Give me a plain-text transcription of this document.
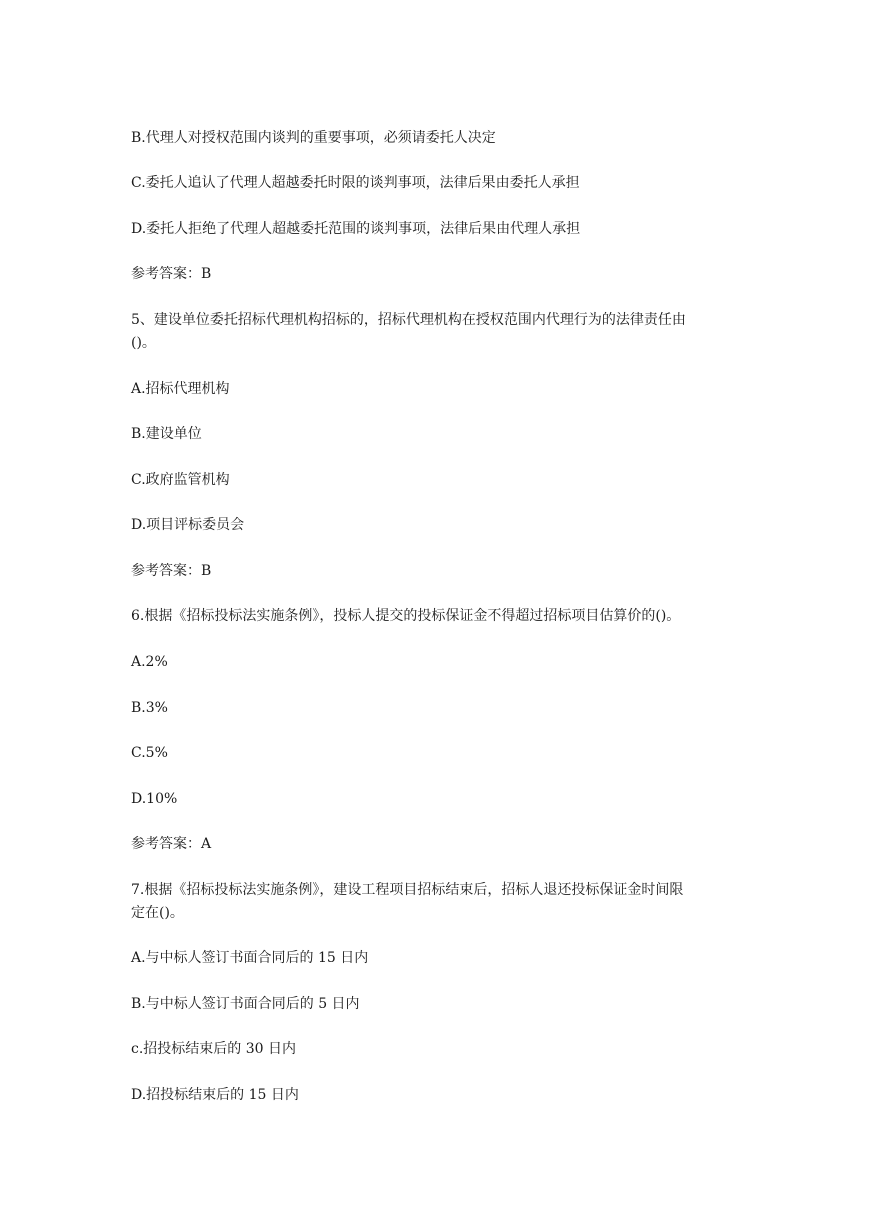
B.代理人对授权范围内谈判的重要事项，必须请委托人决定
C.委托人追认了代理人超越委托时限的谈判事项，法律后果由委托人承担
D.委托人拒绝了代理人超越委托范围的谈判事项，法律后果由代理人承担
参考答案：B
5、建设单位委托招标代理机构招标的，招标代理机构在授权范围内代理行为的法律责任由
()。
A.招标代理机构
B.建设单位
C.政府监管机构
D.项目评标委员会
参考答案：B
6.根据《招标投标法实施条例》，投标人提交的投标保证金不得超过招标项目估算价的()。
A.2%
B.3%
C.5%
D.10%
参考答案：A
7.根据《招标投标法实施条例》，建设工程项目招标结束后，招标人退还投标保证金时间限
定在()。
A.与中标人签订书面合同后的 15 日内
B.与中标人签订书面合同后的 5 日内
c.招投标结束后的 30 日内
D.招投标结束后的 15 日内
